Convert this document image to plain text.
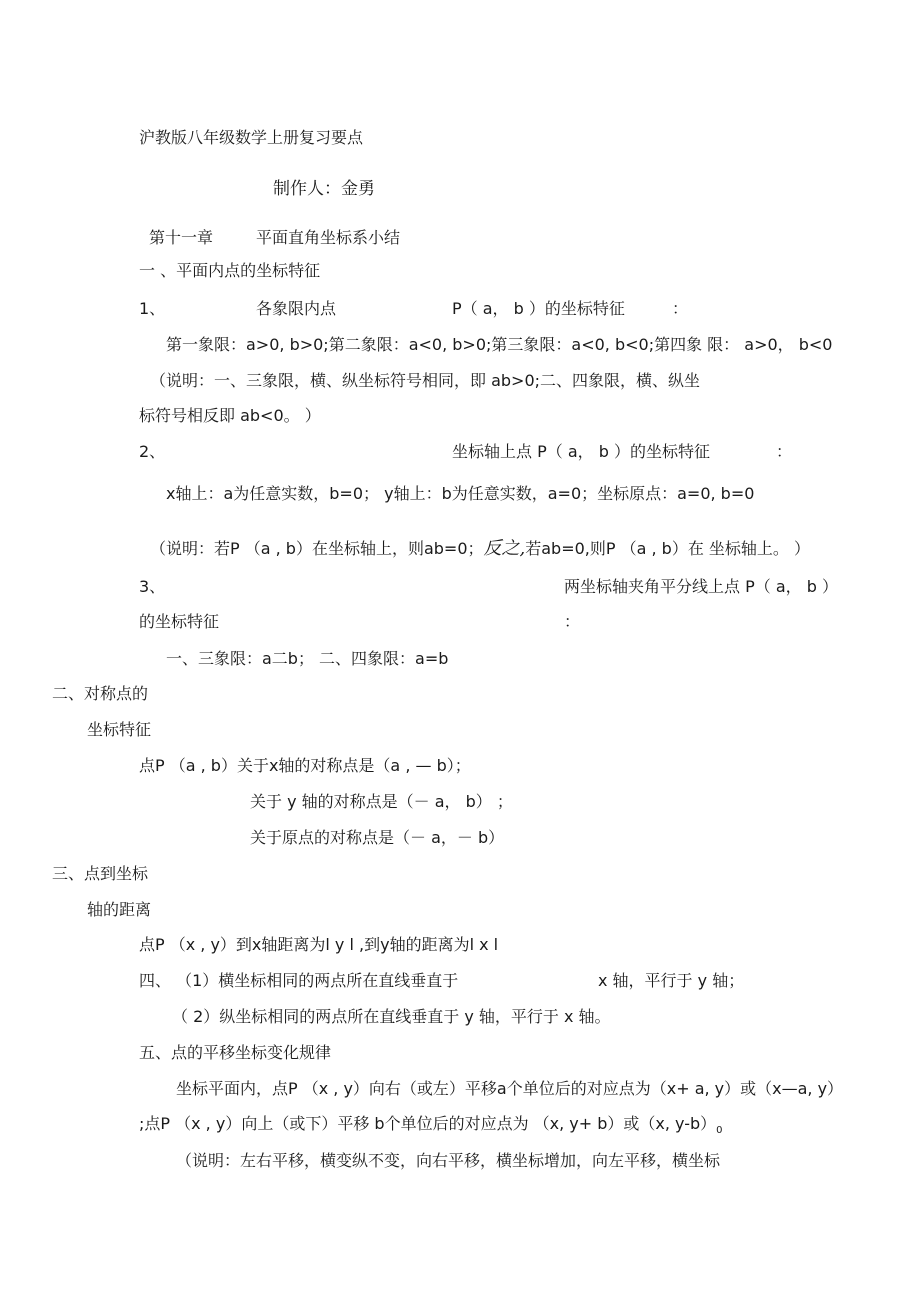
沪教版八年级数学上册复习要点
制作人：金勇
第十一章	平面直角坐标系小结
一 、平面内点的坐标特征
1、	各象限内点	P（ a， b ）的坐标特征	：
第一象限：a>0, b>0;第二象限：a<0, b>0;第三象限：a<0, b<0;第四象 限： a>0， b<0
（说明：一、三象限，横、纵坐标符号相同，即 ab>0;二、四象限，横、纵坐
标符号相反即 ab<0。 ）
2、	坐标轴上点 P（ a， b ）的坐标特征	：
x轴上：a为任意实数，b=0； y轴上：b为任意实数，a=0；坐标原点：a=0, b=0
（说明：若P （a , b）在坐标轴上，则ab=0；反之,若ab=0,则P （a , b）在 坐标轴上。 ）
3、	两坐标轴夹角平分线上点 P（ a， b ）
的坐标特征	：
一、三象限：a二b； 二、四象限：a=b
二、对称点的
坐标特征
点P （a , b）关于x轴的对称点是（a , — b）；
关于 y 轴的对称点是（－ a， b） ；
关于原点的对称点是（－ a，－ b）
三、点到坐标
轴的距离
点P （x , y）到x轴距离为l y l ,到y轴的距离为l x l
四、 （1）横坐标相同的两点所在直线垂直于	x 轴，平行于 y 轴；
（ 2）纵坐标相同的两点所在直线垂直于 y 轴，平行于 x 轴。
五、点的平移坐标变化规律
坐标平面内，点P （x , y）向右（或左）平移a个单位后的对应点为（x+ a, y）或（x—a, y）
;点P （x , y）向上（或下）平移 b个单位后的对应点为 （x, y+ b）或（x, $y-b)_0$
（说明：左右平移，横变纵不变，向右平移，横坐标增加，向左平移，横坐标
